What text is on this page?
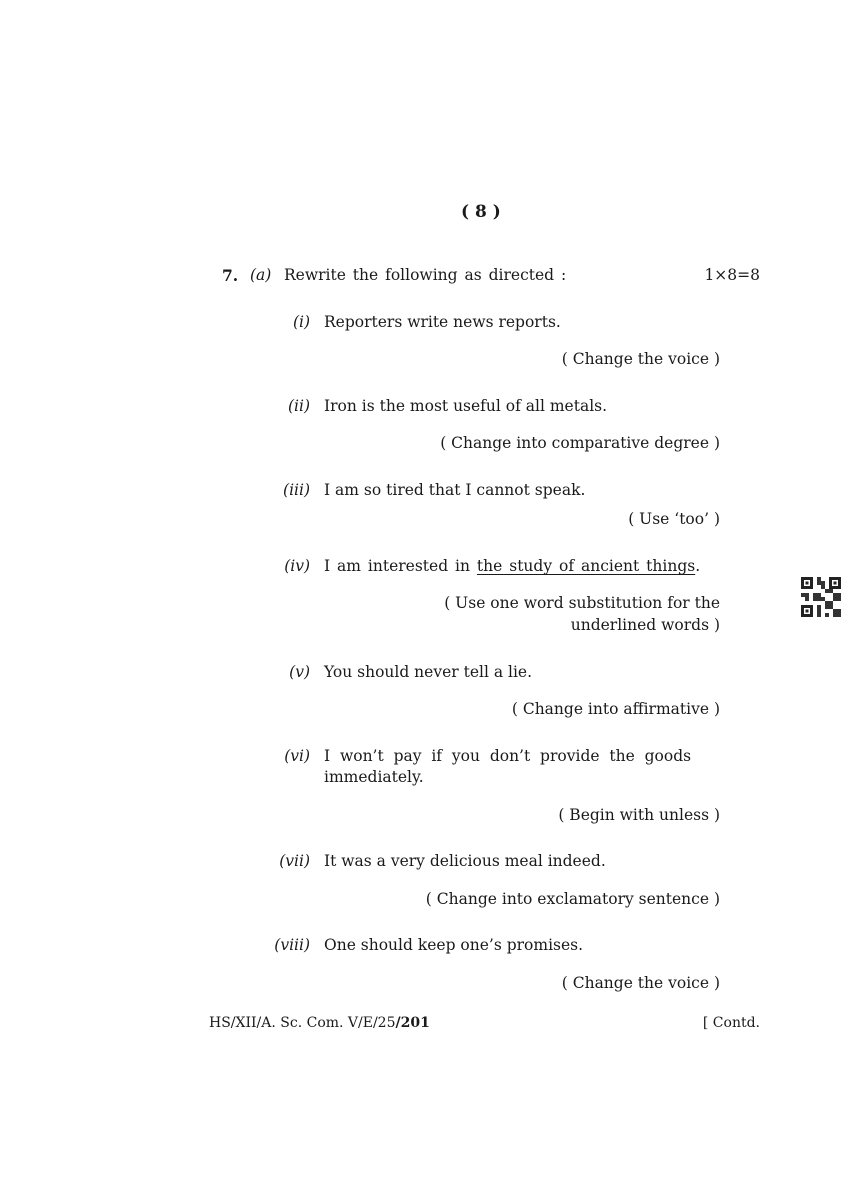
( 8 )
7. (a) Rewrite the following as directed :	1×8=8
(i) Reporters write news reports.
( Change the voice )
(ii) Iron is the most useful of all metals.
( Change into comparative degree )
(iii) I am so tired that I cannot speak.
( Use ‘too’ )
(iv) I am interested in the study of ancient things.
( Use one word substitution for the
underlined words )
(v) You should never tell a lie.
( Change into affirmative )
(vi) I  won’t  pay  if  you  don’t  provide  the  goods
immediately.
( Begin with unless )
(vii) It was a very delicious meal indeed.
( Change into exclamatory sentence )
(viii) One should keep one’s promises.
( Change the voice )
HS/XII/A. Sc. Com. V/E/25/201	[ Contd.
